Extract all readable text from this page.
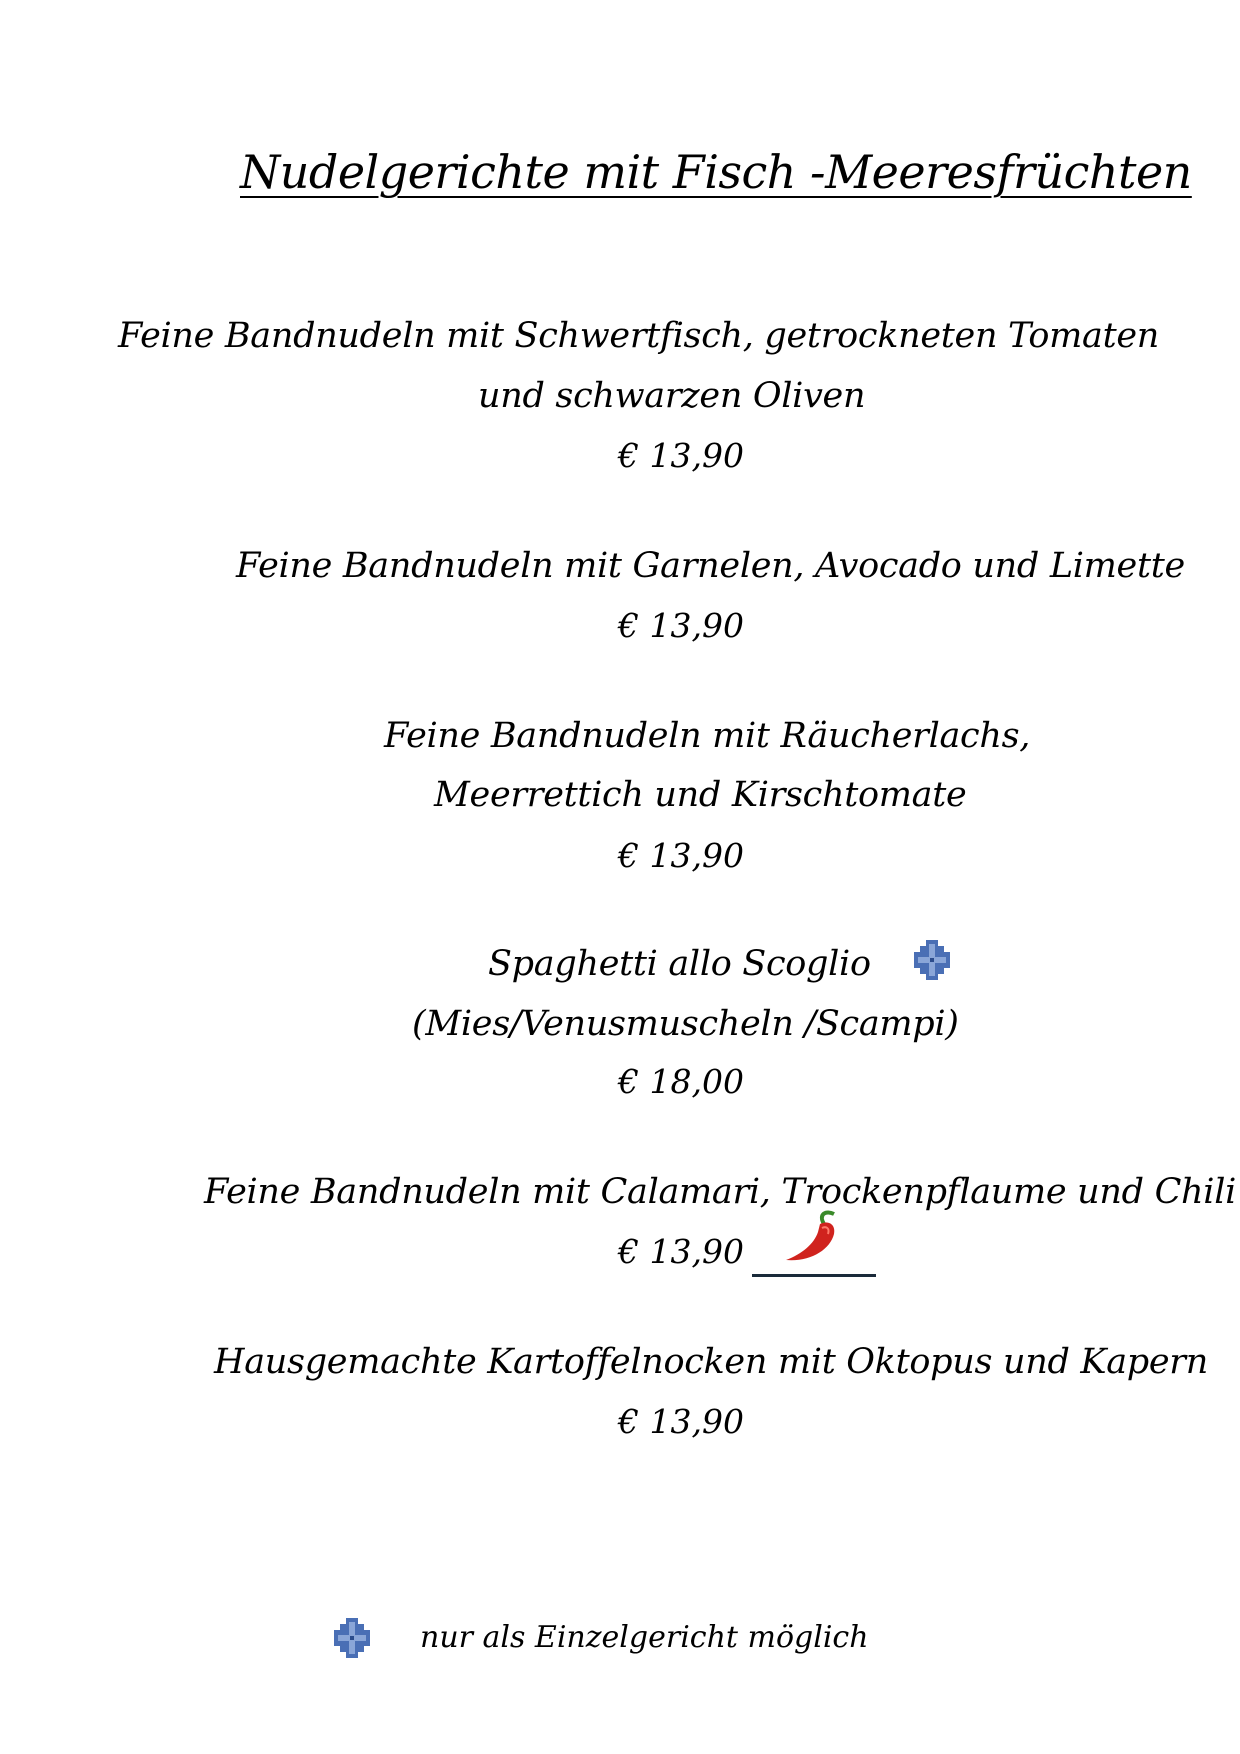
Nudelgerichte mit Fisch -Meeresfrüchten
Feine Bandnudeln mit Schwertfisch, getrockneten Tomaten
und schwarzen Oliven
€ 13,90
Feine Bandnudeln mit Garnelen, Avocado und Limette
€ 13,90
Feine Bandnudeln mit Räucherlachs,
Meerrettich und Kirschtomate
€ 13,90
Spaghetti allo Scoglio
(Mies/Venusmuscheln /Scampi)
€ 18,00
Feine Bandnudeln mit Calamari, Trockenpflaume und Chili
€ 13,90
Hausgemachte Kartoffelnocken mit Oktopus und Kapern
€ 13,90
nur als Einzelgericht möglich
